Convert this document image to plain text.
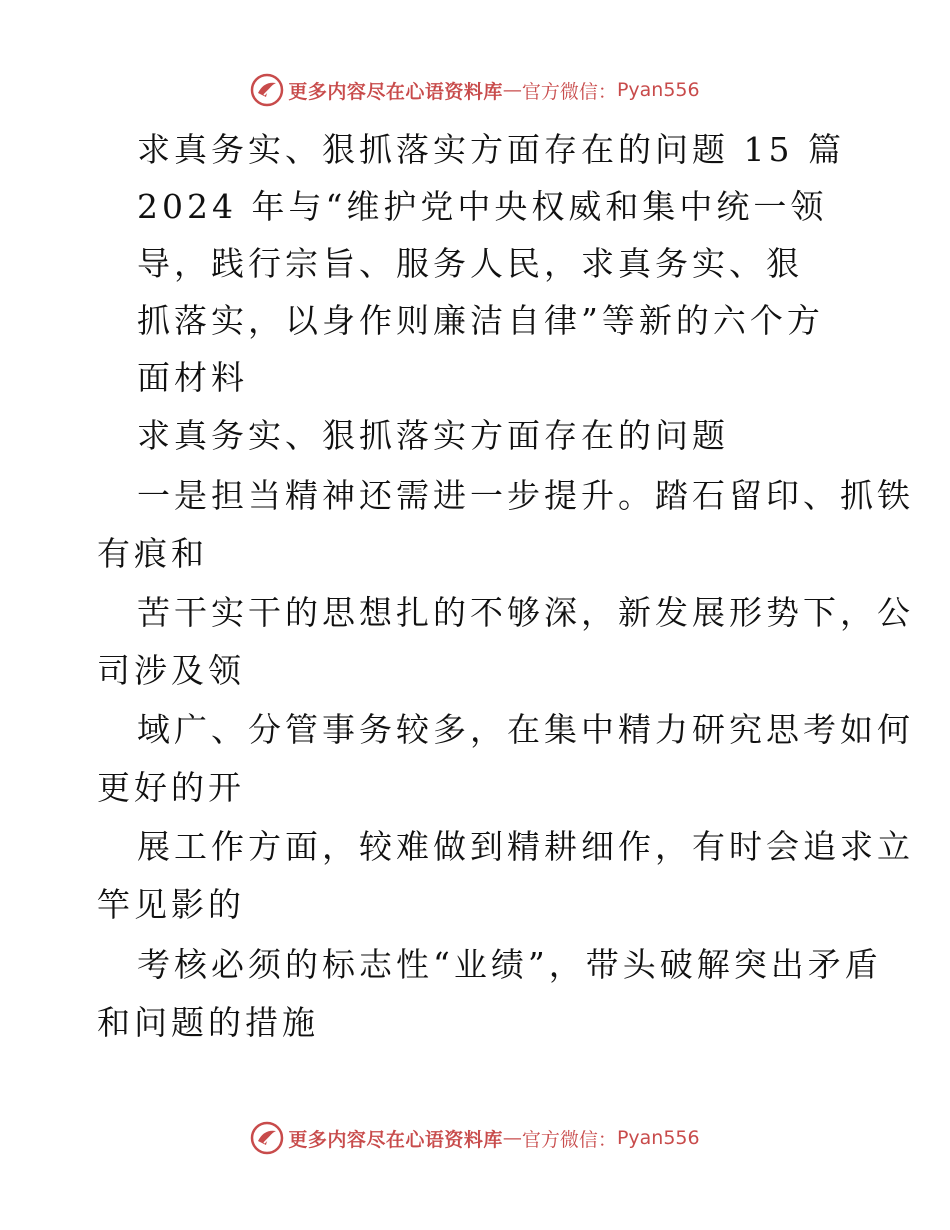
更多内容尽在心语资料库 — 官方微信： Pyan556
求真务实、狠抓落实方面存在的问题 15 篇
2024 年与“维护党中央权威和集中统一领
导，践行宗旨、服务人民，求真务实、狠
抓落实，以身作则廉洁自律”等新的六个方
面材料
求真务实、狠抓落实方面存在的问题
一是担当精神还需进一步提升。踏石留印、抓铁
有痕和
苦干实干的思想扎的不够深，新发展形势下，公
司涉及领
域广、分管事务较多，在集中精力研究思考如何
更好的开
展工作方面，较难做到精耕细作，有时会追求立
竿见影的
考核必须的标志性“业绩”，带头破解突出矛盾
和问题的措施
更多内容尽在心语资料库 — 官方微信： Pyan556
